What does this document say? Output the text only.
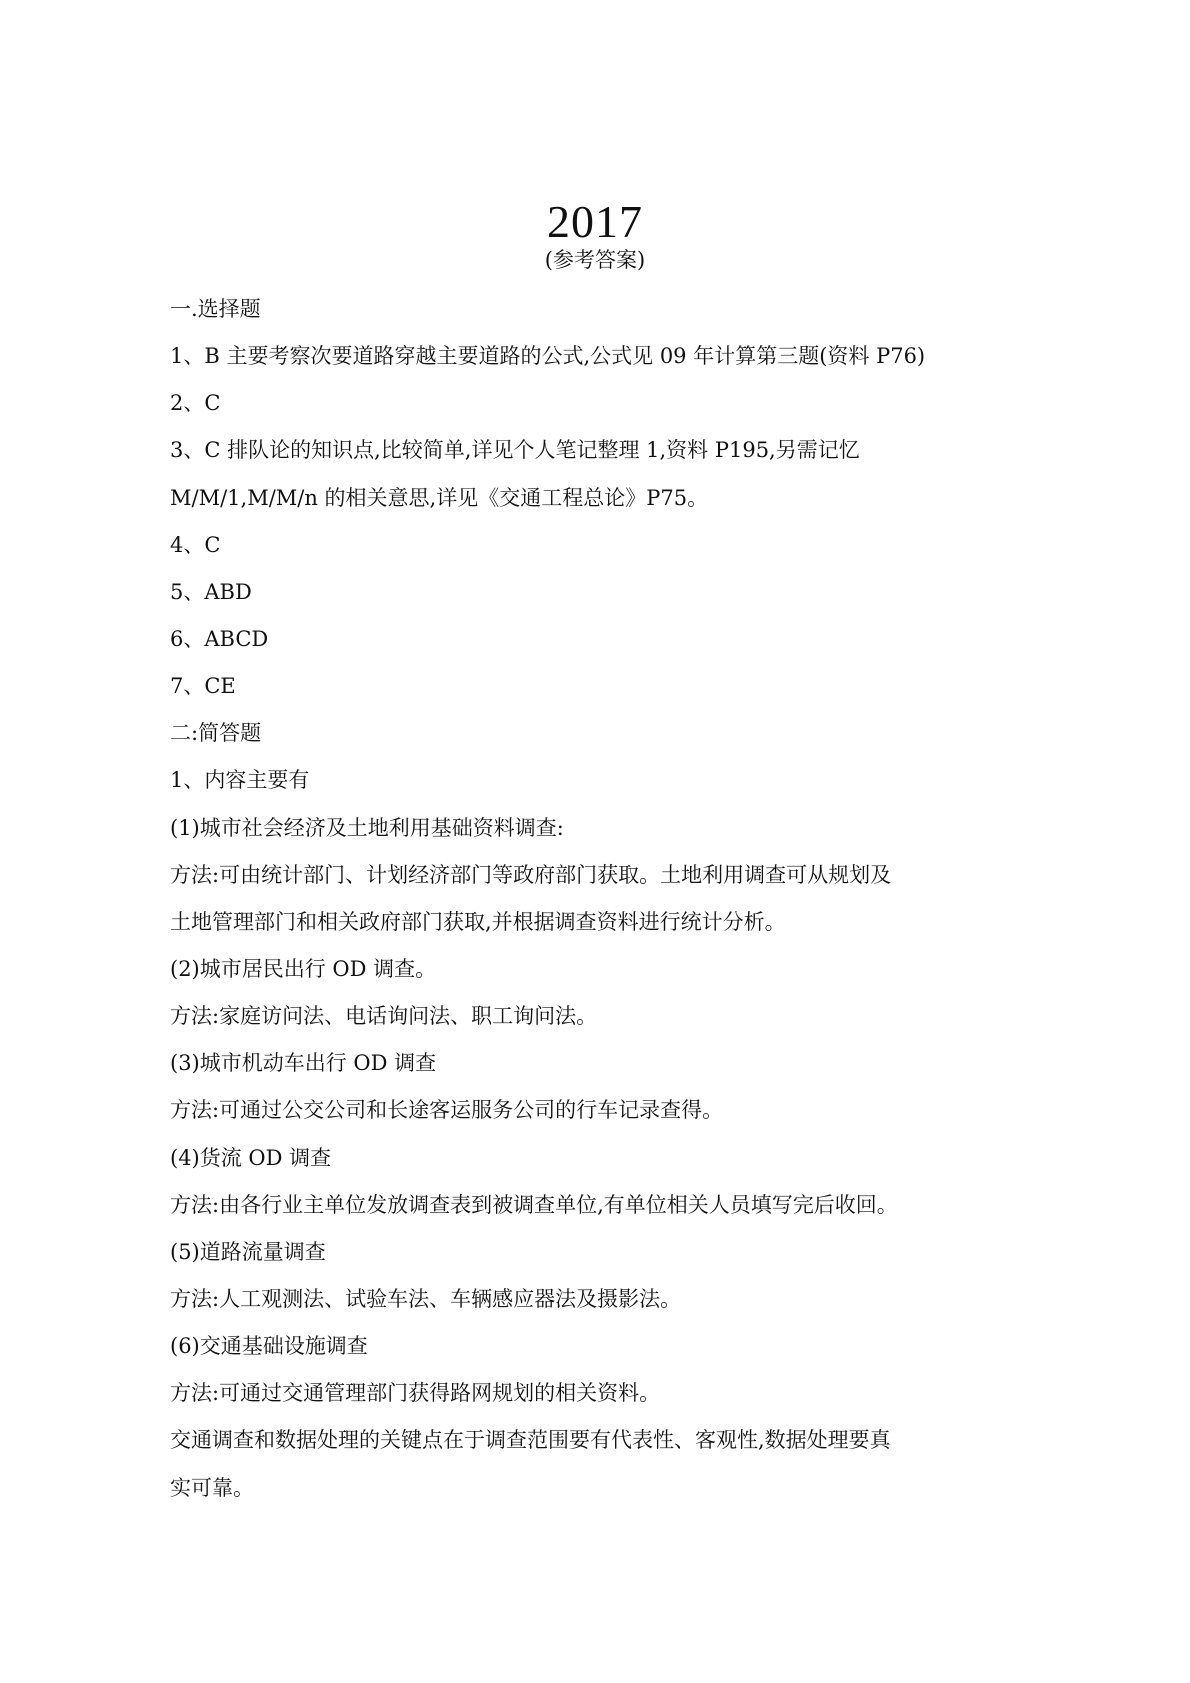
2017
(参考答案)
一.选择题
1、B 主要考察次要道路穿越主要道路的公式,公式见 09 年计算第三题(资料 P76)
2、C
3、C 排队论的知识点,比较简单,详见个人笔记整理 1,资料 P195,另需记忆
M/M/1,M/M/n 的相关意思,详见《交通工程总论》P75。
4、C
5、ABD
6、ABCD
7、CE
二:简答题
1、内容主要有
(1)城市社会经济及土地利用基础资料调查:
方法:可由统计部门、计划经济部门等政府部门获取。土地利用调查可从规划及
土地管理部门和相关政府部门获取,并根据调查资料进行统计分析。
(2)城市居民出行 OD 调查。
方法:家庭访问法、电话询问法、职工询问法。
(3)城市机动车出行 OD 调查
方法:可通过公交公司和长途客运服务公司的行车记录查得。
(4)货流 OD 调查
方法:由各行业主单位发放调查表到被调查单位,有单位相关人员填写完后收回。
(5)道路流量调查
方法:人工观测法、试验车法、车辆感应器法及摄影法。
(6)交通基础设施调查
方法:可通过交通管理部门获得路网规划的相关资料。
交通调查和数据处理的关键点在于调查范围要有代表性、客观性,数据处理要真
实可靠。
